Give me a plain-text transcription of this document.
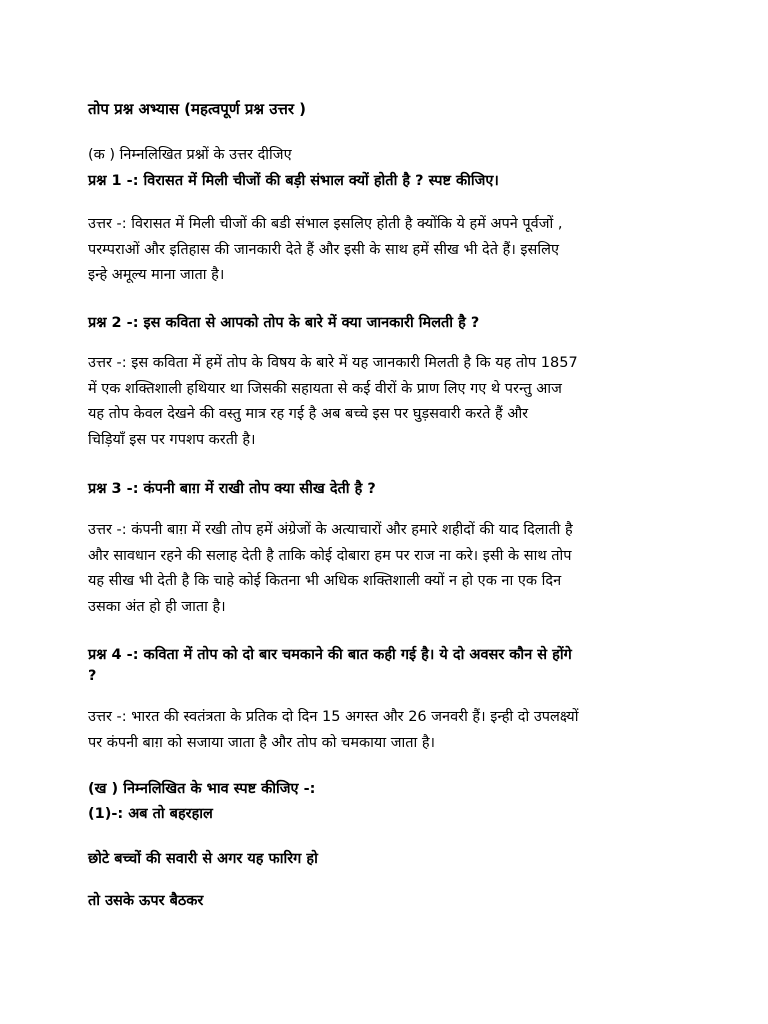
तोप प्रश्न अभ्यास (महत्वपूर्ण प्रश्न उत्तर )
(क ) निम्नलिखित प्रश्नों के उत्तर दीजिए
प्रश्न 1 -: विरासत में मिली चीजों की बड़ी संभाल क्यों होती है ? स्पष्ट कीजिए।
उत्तर -: विरासत में मिली चीजों की बडी संभाल इसलिए होती है क्योंकि ये हमें अपने पूर्वजों ,
परम्पराओं और इतिहास की जानकारी देते हैं और इसी के साथ हमें सीख भी देते हैं। इसलिए
इन्हे अमूल्य माना जाता है।
प्रश्न 2 -: इस कविता से आपको तोप के बारे में क्या जानकारी मिलती है ?
उत्तर -: इस कविता में हमें तोप के विषय के बारे में यह जानकारी मिलती है कि यह तोप 1857
में एक शक्तिशाली हथियार था जिसकी सहायता से कई वीरों के प्राण लिए गए थे परन्तु आज
यह तोप केवल देखने की वस्तु मात्र रह गई है अब बच्चे इस पर घुड़सवारी करते हैं और
चिड़ियाँ इस पर गपशप करती है।
प्रश्न 3 -: कंपनी बाग़ में राखी तोप क्या सीख देती है ?
उत्तर -: कंपनी बाग़ में रखी तोप हमें अंग्रेजों के अत्याचारों और हमारे शहीदों की याद दिलाती है
और सावधान रहने की सलाह देती है ताकि कोई दोबारा हम पर राज ना करे। इसी के साथ तोप
यह सीख भी देती है कि चाहे कोई कितना भी अधिक शक्तिशाली क्यों न हो एक ना एक दिन
उसका अंत हो ही जाता है।
प्रश्न 4 -: कविता में तोप को दो बार चमकाने की बात कही गई है। ये दो अवसर कौन से होंगे
?
उत्तर -: भारत की स्वतंत्रता के प्रतिक दो दिन 15 अगस्त और 26 जनवरी हैं। इन्ही दो उपलक्ष्यों
पर कंपनी बाग़ को सजाया जाता है और तोप को चमकाया जाता है।
(ख ) निम्नलिखित के भाव स्पष्ट कीजिए -:
(1)-: अब तो बहरहाल
छोटे बच्चों की सवारी से अगर यह फारिग हो
तो उसके ऊपर बैठकर
